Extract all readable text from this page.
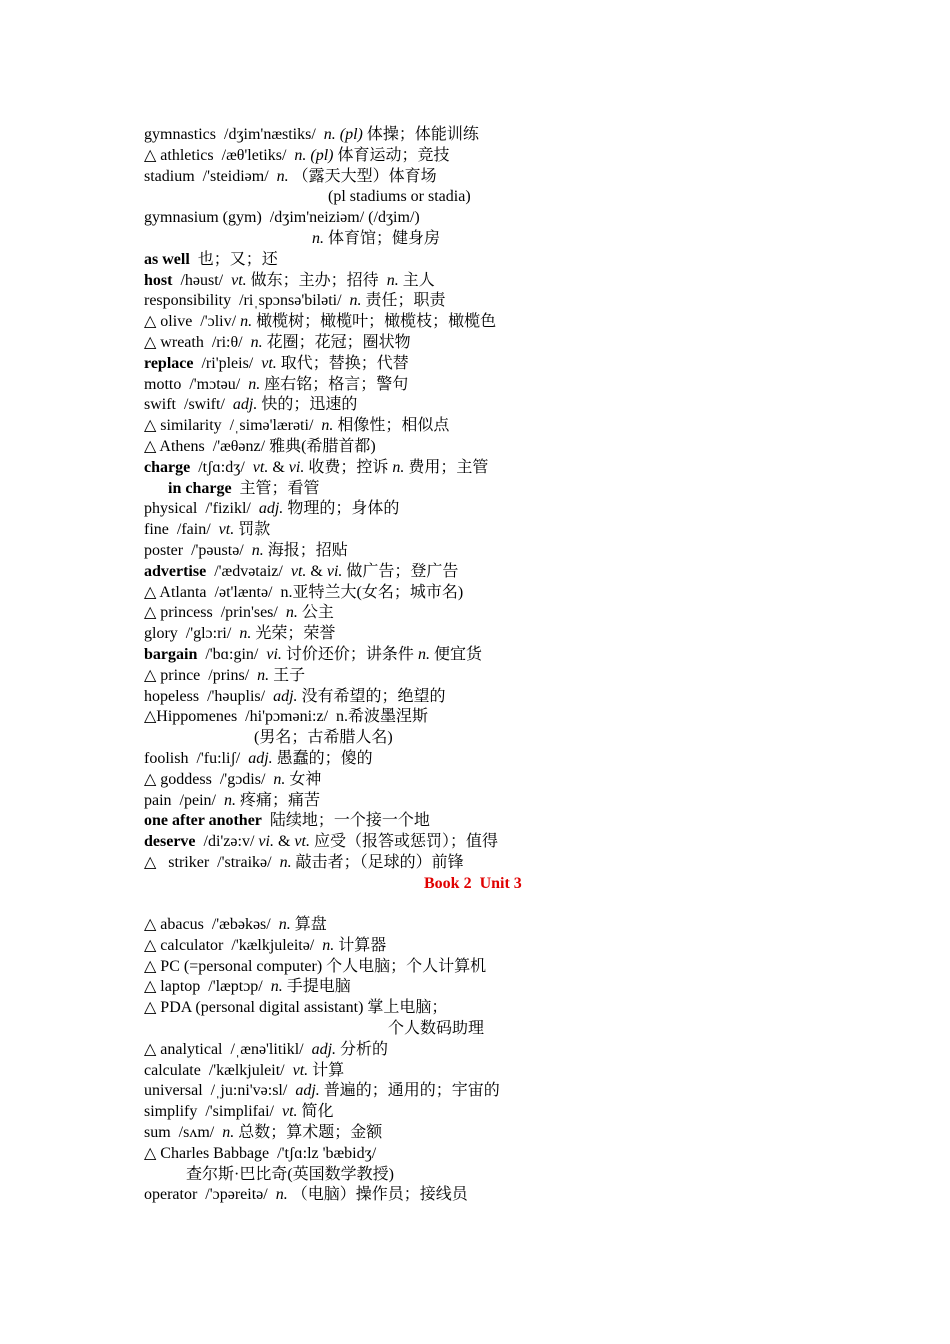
gymnastics  /dʒim'næstiks/  n. (pl) 体操；体能训练
△ athletics  /æθ'letiks/  n. (pl) 体育运动；竞技
stadium  /'steidiəm/  n. （露天大型）体育场
(pl stadiums or stadia)
gymnasium (gym)  /dʒim'neiziəm/ (/dʒim/)
n. 体育馆；健身房
as well  也；又；还
host  /həust/  vt. 做东；主办；招待  n. 主人
responsibility  /riˌspɔnsə'biləti/  n. 责任；职责
△ olive  /'ɔliv/ n. 橄榄树；橄榄叶；橄榄枝；橄榄色
△ wreath  /ri:θ/  n. 花圈；花冠；圈状物
replace  /ri'pleis/  vt. 取代；替换；代替
motto  /'mɔtəu/  n. 座右铭；格言；警句
swift  /swift/  adj. 快的；迅速的
△ similarity  /ˌsimə'lærəti/  n. 相像性；相似点
△ Athens  /'æθənz/ 雅典(希腊首都)
charge  /tʃɑ:dʒ/  vt. & vi. 收费；控诉 n. 费用；主管
in charge  主管；看管
physical  /'fizikl/  adj. 物理的；身体的
fine  /fain/  vt. 罚款
poster  /'pəustə/  n. 海报；招贴
advertise  /'ædvətaiz/  vt. & vi. 做广告；登广告
△ Atlanta  /ət'læntə/  n.亚特兰大(女名；城市名)
△ princess  /prin'ses/  n. 公主
glory  /'glɔ:ri/  n. 光荣；荣誉
bargain  /'bɑ:gin/  vi. 讨价还价；讲条件 n. 便宜货
△ prince  /prins/  n. 王子
hopeless  /'həuplis/  adj. 没有希望的；绝望的
△Hippomenes  /hi'pɔməni:z/  n.希波墨涅斯
(男名；古希腊人名)
foolish  /'fu:liʃ/  adj. 愚蠢的；傻的
△ goddess  /'gɔdis/  n. 女神
pain  /pein/  n. 疼痛；痛苦
one after another  陆续地；一个接一个地
deserve  /di'zə:v/ vi. & vt. 应受（报答或惩罚）；值得
△   striker  /'straikə/  n. 敲击者；（足球的）前锋
Book 2  Unit 3
△ abacus  /'æbəkəs/  n. 算盘
△ calculator  /'kælkjuleitə/  n. 计算器
△ PC (=personal computer) 个人电脑；个人计算机
△ laptop  /'læptɔp/  n. 手提电脑
△ PDA (personal digital assistant) 掌上电脑；
个人数码助理
△ analytical  /ˌænə'litikl/  adj. 分析的
calculate  /'kælkjuleit/  vt. 计算
universal  /ˌju:ni'və:sl/  adj. 普遍的；通用的；宇宙的
simplify  /'simplifai/  vt. 简化
sum  /sʌm/  n. 总数；算术题；金额
△ Charles Babbage  /'tʃɑ:lz 'bæbidʒ/
查尔斯·巴比奇(英国数学教授)
operator  /'ɔpəreitə/  n. （电脑）操作员；接线员
